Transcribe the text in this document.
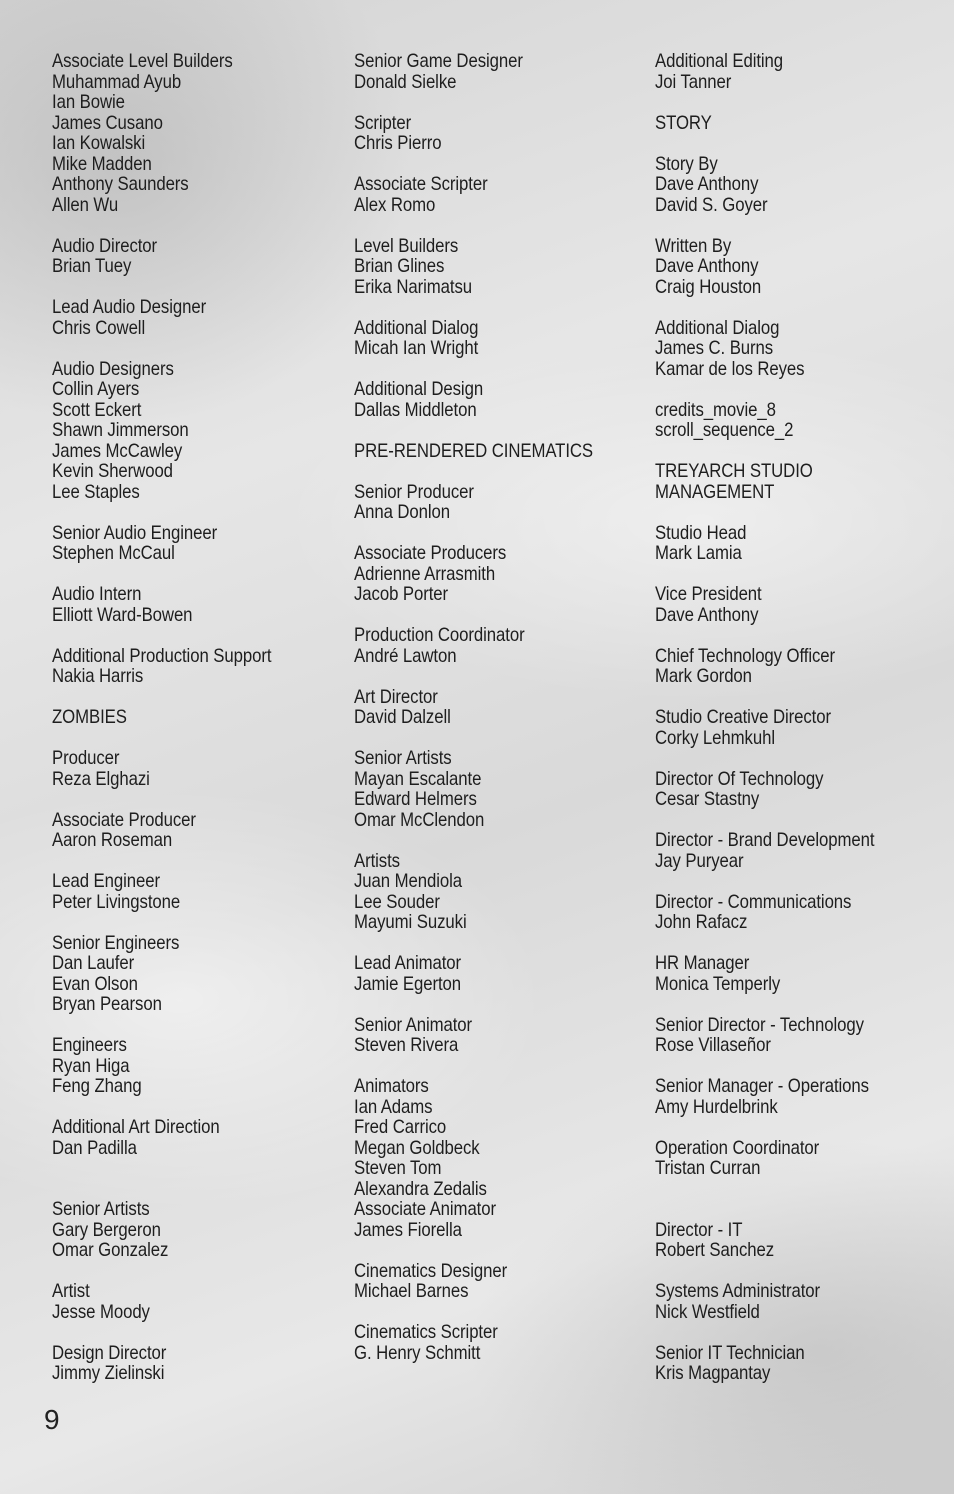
Associate Level Builders
Muhammad Ayub
Ian Bowie
James Cusano
Ian Kowalski
Mike Madden
Anthony Saunders
Allen Wu
Audio Director
Brian Tuey
Lead Audio Designer
Chris Cowell
Audio Designers
Collin Ayers
Scott Eckert
Shawn Jimmerson
James McCawley
Kevin Sherwood
Lee Staples
Senior Audio Engineer
Stephen McCaul
Audio Intern
Elliott Ward-Bowen
Additional Production Support
Nakia Harris
ZOMBIES
Producer
Reza Elghazi
Associate Producer
Aaron Roseman
Lead Engineer
Peter Livingstone
Senior Engineers
Dan Laufer
Evan Olson
Bryan Pearson
Engineers
Ryan Higa
Feng Zhang
Additional Art Direction
Dan Padilla
Senior Artists
Gary Bergeron
Omar Gonzalez
Artist
Jesse Moody
Design Director
Jimmy Zielinski
Senior Game Designer
Donald Sielke
Scripter
Chris Pierro
Associate Scripter
Alex Romo
Level Builders
Brian Glines
Erika Narimatsu
Additional Dialog
Micah Ian Wright
Additional Design
Dallas Middleton
PRE-RENDERED CINEMATICS
Senior Producer
Anna Donlon
Associate Producers
Adrienne Arrasmith
Jacob Porter
Production Coordinator
André Lawton
Art Director
David Dalzell
Senior Artists
Mayan Escalante
Edward Helmers
Omar McClendon
Artists
Juan Mendiola
Lee Souder
Mayumi Suzuki
Lead Animator
Jamie Egerton
Senior Animator
Steven Rivera
Animators
Ian Adams
Fred Carrico
Megan Goldbeck
Steven Tom
Alexandra Zedalis
Associate Animator
James Fiorella
Cinematics Designer
Michael Barnes
Cinematics Scripter
G. Henry Schmitt
Additional Editing
Joi Tanner
STORY
Story By
Dave Anthony
David S. Goyer
Written By
Dave Anthony
Craig Houston
Additional Dialog
James C. Burns
Kamar de los Reyes
credits_movie_8
scroll_sequence_2
TREYARCH STUDIO
MANAGEMENT
Studio Head
Mark Lamia
Vice President
Dave Anthony
Chief Technology Officer
Mark Gordon
Studio Creative Director
Corky Lehmkuhl
Director Of Technology
Cesar Stastny
Director - Brand Development
Jay Puryear
Director - Communications
John Rafacz
HR Manager
Monica Temperly
Senior Director - Technology
Rose Villaseñor
Senior Manager - Operations
Amy Hurdelbrink
Operation Coordinator
Tristan Curran
Director - IT
Robert Sanchez
Systems Administrator
Nick Westfield
Senior IT Technician
Kris Magpantay
9
